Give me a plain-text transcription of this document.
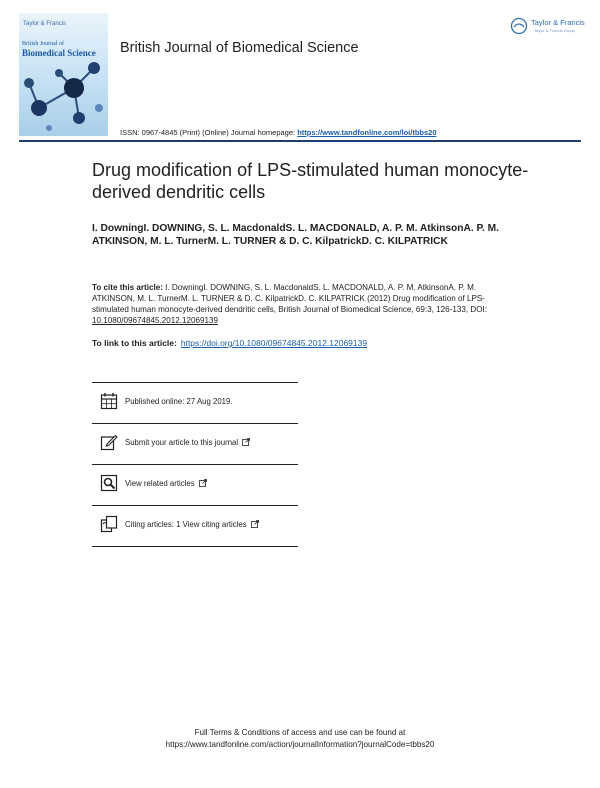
Taylor & Francis
British Journal of
Biomedical Science British Journal of Biomedical Science
Taylor & Francis
Taylor & Francis Group
ISSN: 0967-4845 (Print) (Online) Journal homepage: https://www.tandfonline.com/loi/tbbs20
Drug modification of LPS-stimulated human monocyte-derived dendritic cells
I. DowningI. DOWNING, S. L. MacdonaldS. L. MACDONALD, A. P. M. AtkinsonA. P. M. ATKINSON, M. L. TurnerM. L. TURNER & D. C. KilpatrickD. C. KILPATRICK
To cite this article: I. DowningI. DOWNING, S. L. MacdonaldS. L. MACDONALD, A. P. M. AtkinsonA. P. M. ATKINSON, M. L. TurnerM. L. TURNER & D. C. KilpatrickD. C. KILPATRICK (2012) Drug modification of LPS-stimulated human monocyte-derived dendritic cells, British Journal of Biomedical Science, 69:3, 126-133, DOI: 10.1080/09674845.2012.12069139
To link to this article: https://doi.org/10.1080/09674845.2012.12069139
Published online: 27 Aug 2019.
Submit your article to this journal
View related articles
Citing articles: 1 View citing articles
Full Terms & Conditions of access and use can be found at
https://www.tandfonline.com/action/journalInformation?journalCode=tbbs20
